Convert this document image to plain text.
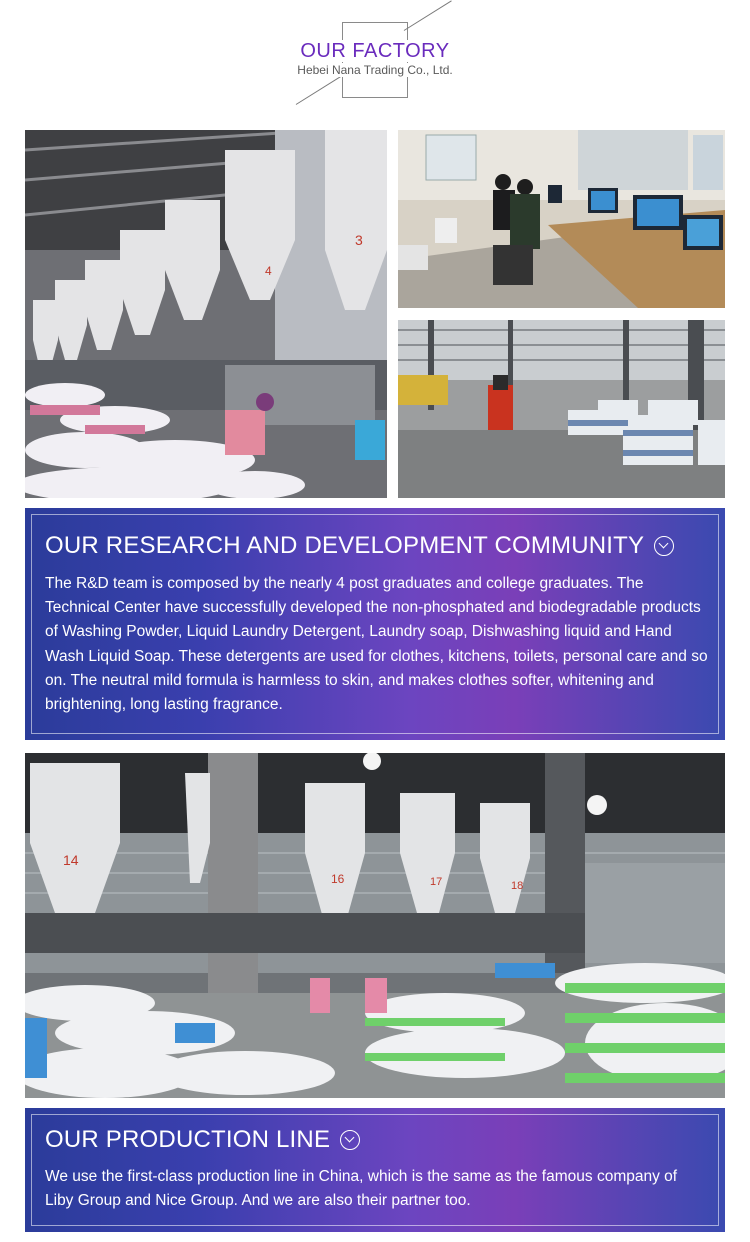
OUR FACTORY
Hebei Nana Trading Co., Ltd.
3
4
OUR RESEARCH AND DEVELOPMENT COMMUNITY
The R&D team is composed by the nearly 4 post graduates and college graduates. The Technical Center have successfully developed the non-phosphated and biodegradable products of Washing Powder, Liquid Laundry Detergent, Laundry soap, Dishwashing liquid and Hand Wash Liquid Soap. These detergents are used for clothes, kitchens, toilets, personal care and so on. The neutral mild formula is harmless to skin, and makes clothes softer, whitening and brightening, long lasting fragrance.
14
16	17	18
OUR PRODUCTION LINE
We use the first-class production line in China, which is the same as the famous company of Liby Group and Nice Group. And we are also their partner too.
